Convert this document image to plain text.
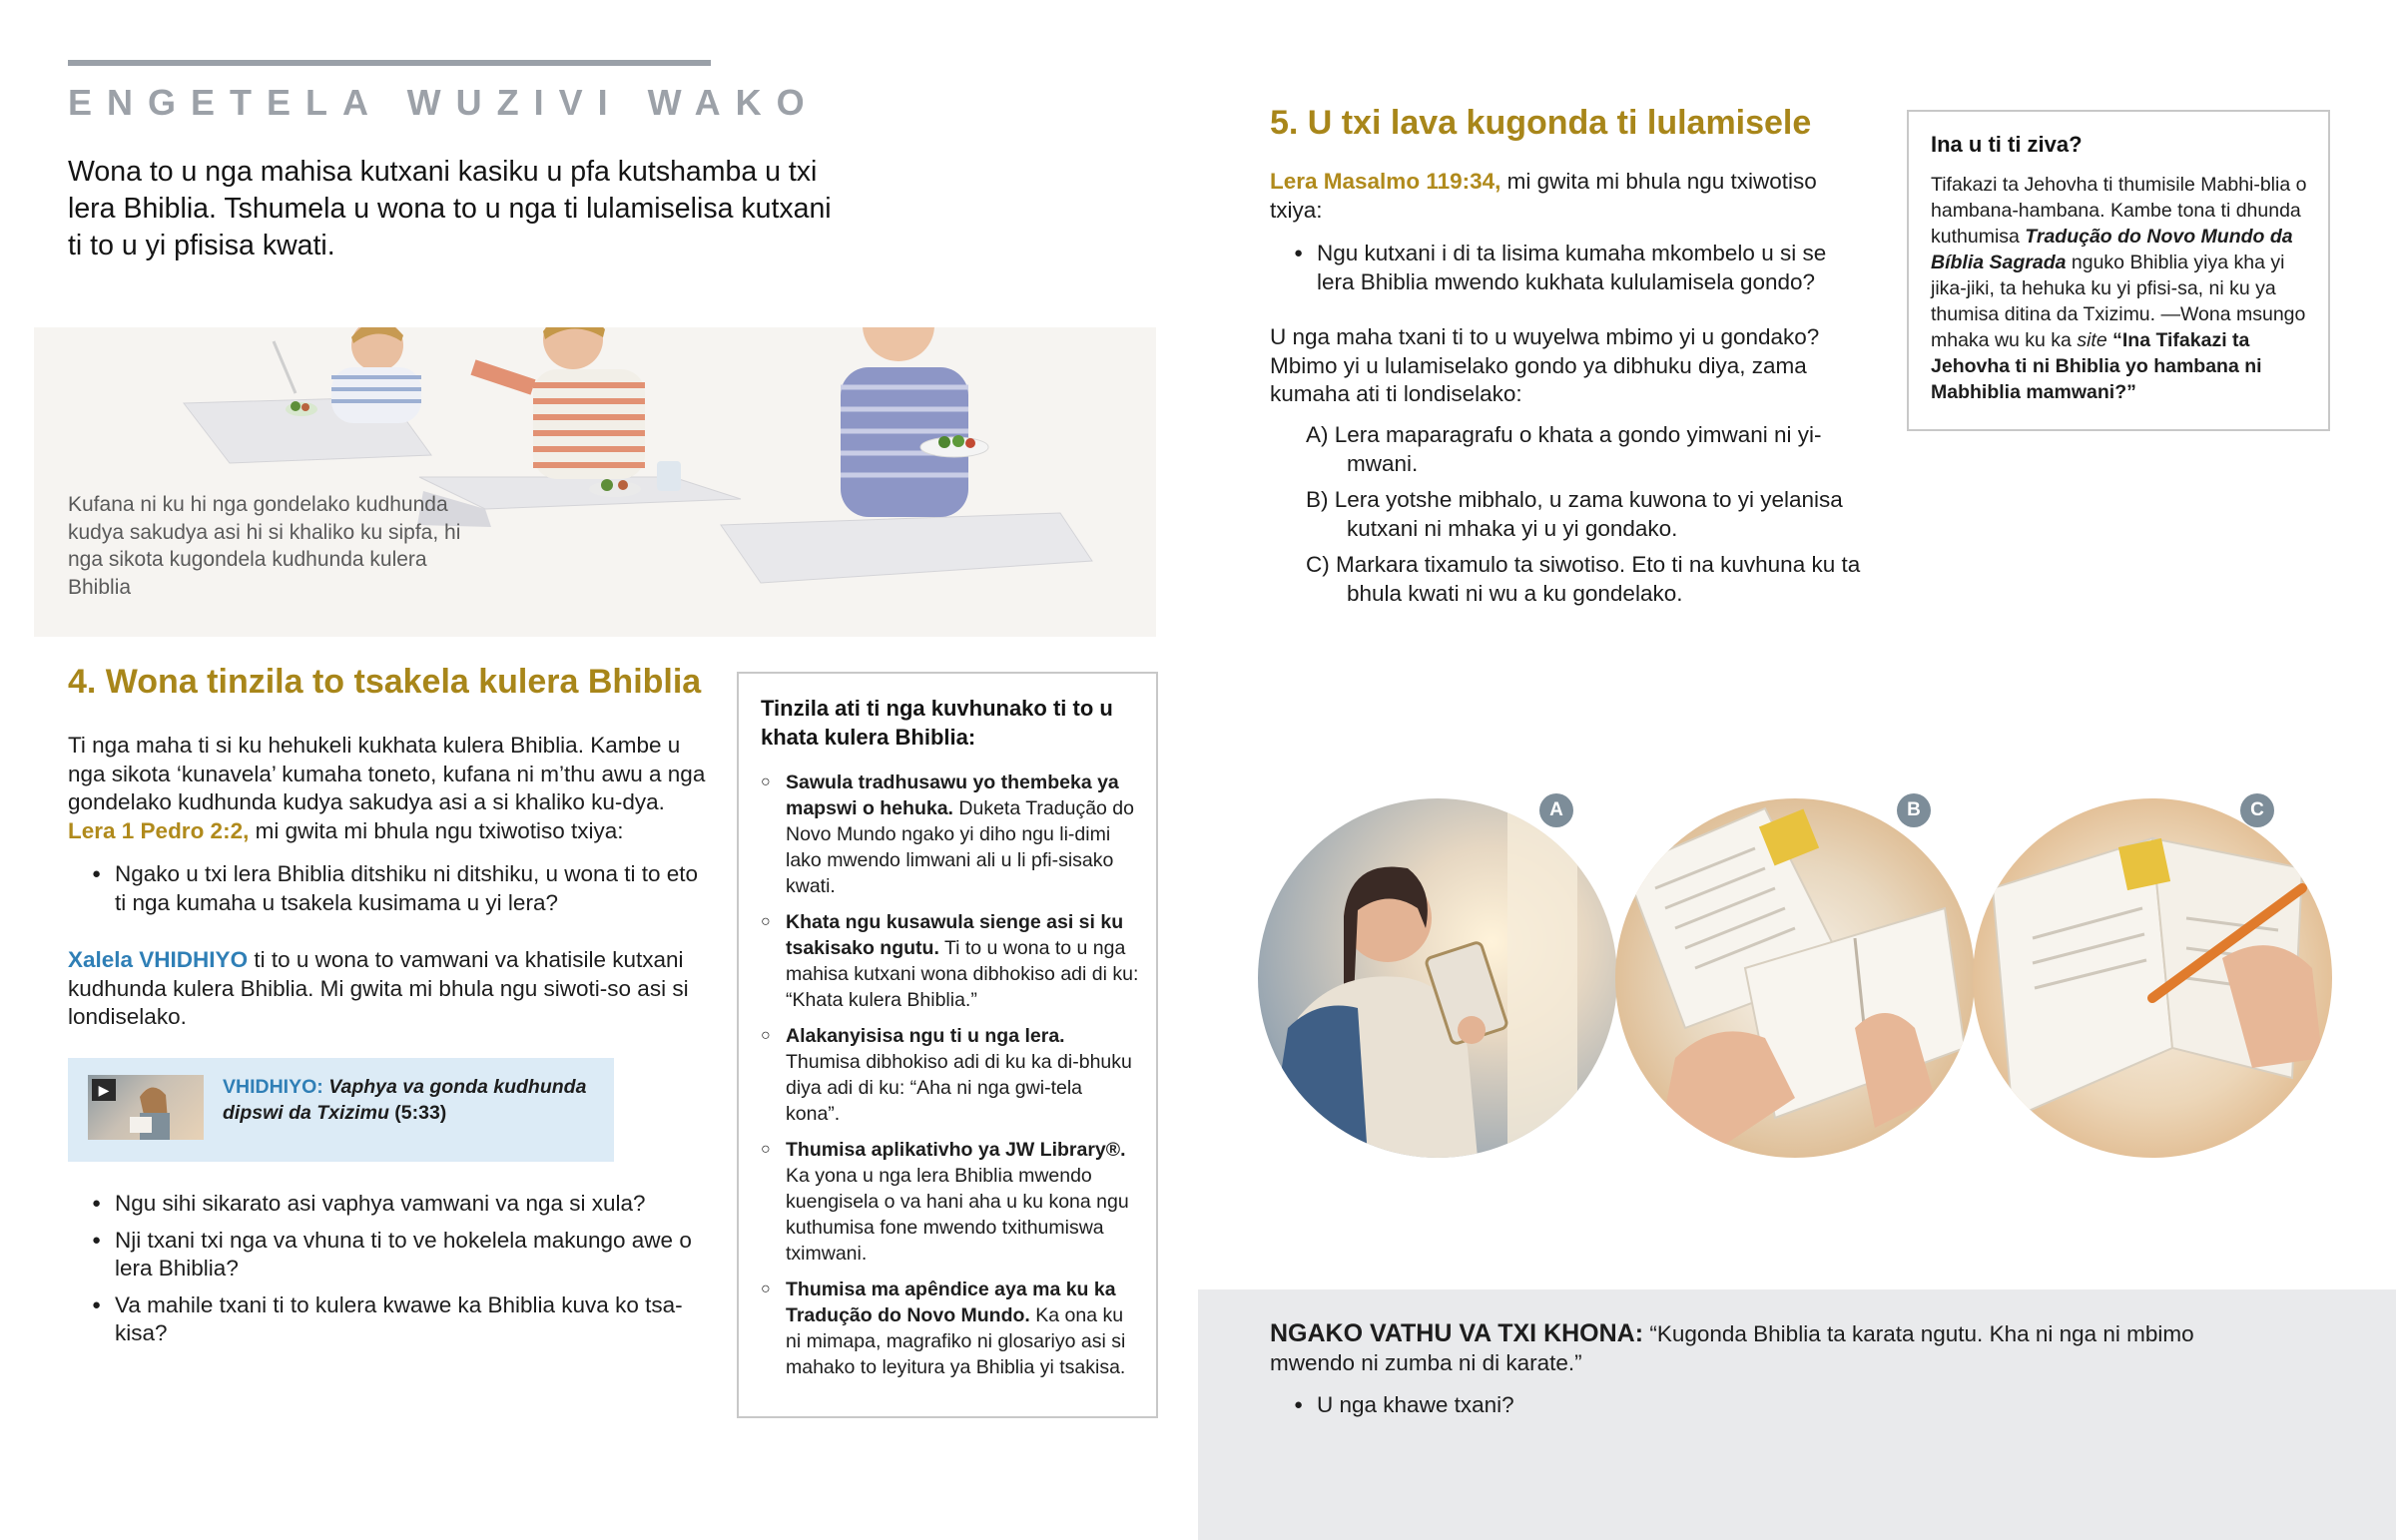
ENGETELA WUZIVI WAKO

Wona to u nga mahisa kutxani kasiku u pfa kutshamba u txi lera Bhiblia. Tshumela u wona to u nga ti lulamiselisa kutxani ti to u yi pfisisa kwati.

Kufana ni ku hi nga gondelako kudhunda kudya sakudya asi hi si khaliko ku sipfa, hi nga sikota kugondela kudhunda kulera Bhiblia

4. Wona tinzila to tsakela kulera Bhiblia

Ti nga maha ti si ku hehukeli kukhata kulera Bhiblia. Kambe u nga sikota ‘kunavela’ kumaha toneto, kufana ni m’thu awu a nga gondelako kudhunda kudya sakudya asi a si khaliko ku-dya. Lera 1 Pedro 2:2, mi gwita mi bhula ngu txiwotiso txiya:

● Ngako u txi lera Bhiblia ditshiku ni ditshiku, u wona ti to eto ti nga kumaha u tsakela kusimama u yi lera?

Xalela VHIDHIYO ti to u wona to vamwani va khatisile kutxani kudhunda kulera Bhiblia. Mi gwita mi bhula ngu siwoti-so asi si londiselako.

▶	VHIDHIYO: Vaphya va gonda kudhunda dipswi da Txizimu (5:33)

● Ngu sihi sikarato asi vaphya vamwani va nga si xula?
● Nji txani txi nga va vhuna ti to ve hokelela makungo awe o lera Bhiblia?
● Va mahile txani ti to kulera kwawe ka Bhiblia kuva ko tsa-kisa?

Tinzila ati ti nga kuvhunako ti to u khata kulera Bhiblia:

○ Sawula tradhusawu yo thembeka ya mapswi o hehuka. Duketa Tradução do Novo Mundo ngako yi diho ngu li-dimi lako mwendo limwani ali u li pfi-sisako kwati.
○ Khata ngu kusawula sienge asi si ku tsakisako ngutu. Ti to u wona to u nga mahisa kutxani wona dibhokiso adi di ku: “Khata kulera Bhiblia.”
○ Alakanyisisa ngu ti u nga lera. Thumisa dibhokiso adi di ku ka di-bhuku diya adi di ku: “Aha ni nga gwi-tela kona”.
○ Thumisa aplikativho ya JW Library®. Ka yona u nga lera Bhiblia mwendo kuengisela o va hani aha u ku kona ngu kuthumisa fone mwendo txithumiswa tximwani.
○ Thumisa ma apêndice aya ma ku ka Tradução do Novo Mundo. Ka ona ku ni mimapa, magrafiko ni glosariyo asi si mahako to leyitura ya Bhiblia yi tsakisa.
5. U txi lava kugonda ti lulamisele

Lera Masalmo 119:34, mi gwita mi bhula ngu txiwotiso txiya:

● Ngu kutxani i di ta lisima kumaha mkombelo u si se lera Bhiblia mwendo kukhata kululamisela gondo?

U nga maha txani ti to u wuyelwa mbimo yi u gondako? Mbimo yi u lulamiselako gondo ya dibhuku diya, zama kumaha ati ti londiselako:

A) Lera maparagrafu o khata a gondo yimwani ni yi-mwani.

B) Lera yotshe mibhalo, u zama kuwona to yi yelanisa kutxani ni mhaka yi u yi gondako.

C) Markara tixamulo ta siwotiso. Eto ti na kuvhuna ku ta bhula kwati ni wu a ku gondelako.

Ina u ti ti ziva?

Tifakazi ta Jehovha ti thumisile Mabhi-blia o hambana-hambana. Kambe tona ti dhunda kuthumisa Tradução do Novo Mundo da Bíblia Sagrada nguko Bhiblia yiya kha yi jika-jiki, ta hehuka ku yi pfisi-sa, ni ku ya thumisa ditina da Txizimu. —Wona msungo mhaka wu ku ka site “Ina Tifakazi ta Jehovha ti ni Bhiblia yo hambana ni Mabhiblia mamwani?”

A	B	C

NGAKO VATHU VA TXI KHONA: “Kugonda Bhiblia ta karata ngutu. Kha ni nga ni mbimo mwendo ni zumba ni di karate.”

● U nga khawe txani?
